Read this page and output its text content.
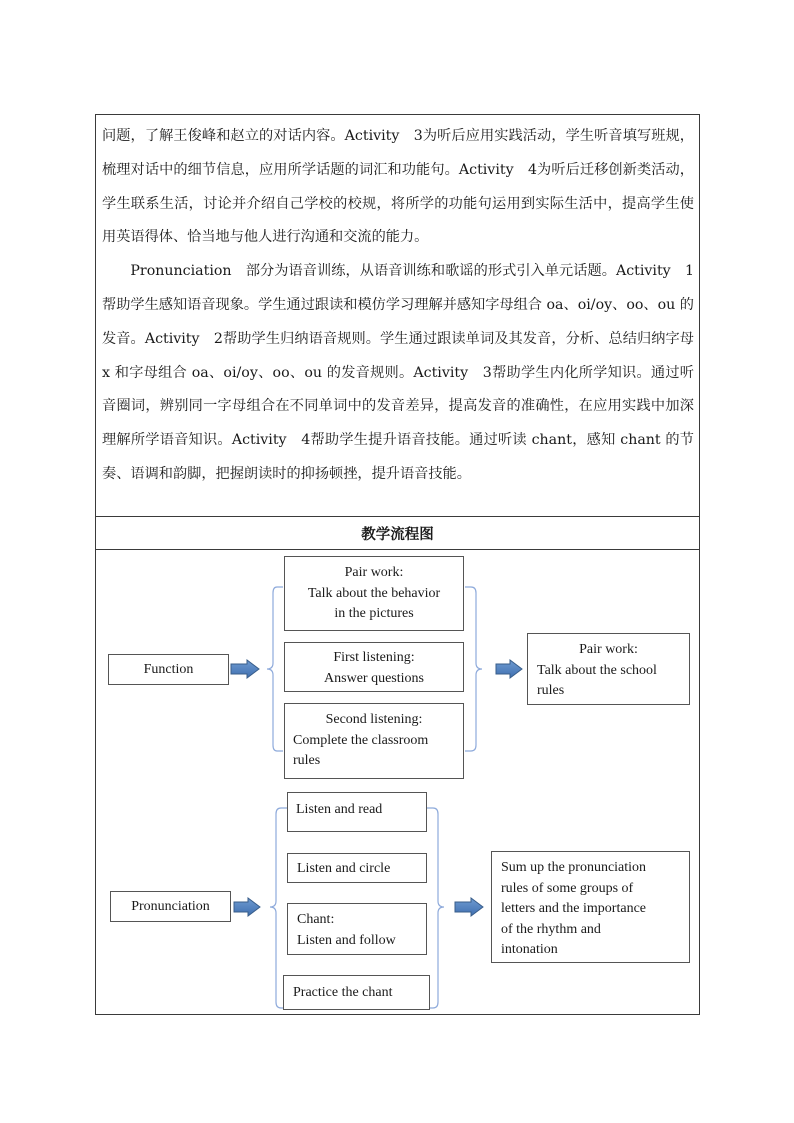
问题，了解王俊峰和赵立的对话内容。Activity　3为听后应用实践活动，学生听音填写班规，梳理对话中的细节信息，应用所学话题的词汇和功能句。Activity　4为听后迁移创新类活动，学生联系生活，讨论并介绍自己学校的校规，将所学的功能句运用到实际生活中，提高学生使用英语得体、恰当地与他人进行沟通和交流的能力。

Pronunciation　部分为语音训练，从语音训练和歌谣的形式引入单元话题。Activity　1帮助学生感知语音现象。学生通过跟读和模仿学习理解并感知字母组合 oa、oi/oy、oo、ou 的发音。Activity　2帮助学生归纳语音规则。学生通过跟读单词及其发音，分析、总结归纳字母 x 和字母组合 oa、oi/oy、oo、ou 的发音规则。Activity　3帮助学生内化所学知识。通过听音圈词，辨别同一字母组合在不同单词中的发音差异，提高发音的准确性，在应用实践中加深理解所学语音知识。Activity　4帮助学生提升语音技能。通过听读 chant，感知 chant 的节奏、语调和韵脚，把握朗读时的抑扬顿挫，提升语音技能。

教学流程图
Function
Pair work:
Talk about the behavior
in the pictures
First listening:
Answer questions
Second listening:
Complete the classroom
rules
Pair work:
Talk about the school
rules
Pronunciation
Listen and read
Listen and circle
Chant:
Listen and follow
Practice the chant
Sum up the pronunciation
rules of some groups of
letters and the importance
of the rhythm and
intonation
